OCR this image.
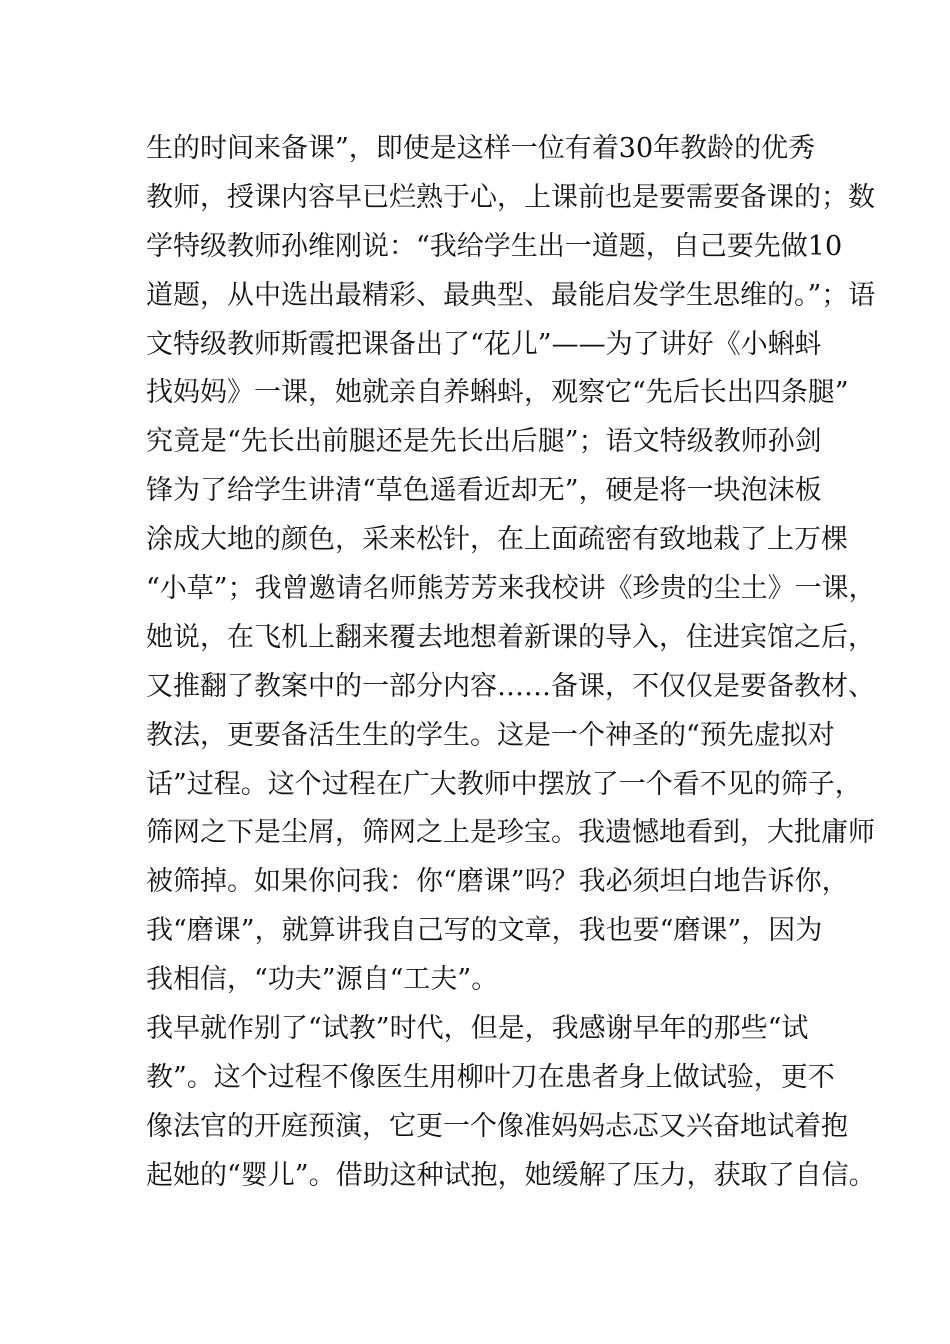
生的时间来备课”，即使是这样一位有着30年教龄的优秀
教师，授课内容早已烂熟于心，上课前也是要需要备课的；数
学特级教师孙维刚说：“我给学生出一道题，自己要先做10
道题，从中选出最精彩、最典型、最能启发学生思维的。”；语
文特级教师斯霞把课备出了“花儿”——为了讲好《小蝌蚪
找妈妈》一课，她就亲自养蝌蚪，观察它“先后长出四条腿”
究竟是“先长出前腿还是先长出后腿”；语文特级教师孙剑
锋为了给学生讲清“草色遥看近却无”，硬是将一块泡沫板
涂成大地的颜色，采来松针，在上面疏密有致地栽了上万棵
“小草”；我曾邀请名师熊芳芳来我校讲《珍贵的尘土》一课，
她说，在飞机上翻来覆去地想着新课的导入，住进宾馆之后，
又推翻了教案中的一部分内容……备课，不仅仅是要备教材、
教法，更要备活生生的学生。这是一个神圣的“预先虚拟对
话”过程。这个过程在广大教师中摆放了一个看不见的筛子，
筛网之下是尘屑，筛网之上是珍宝。我遗憾地看到，大批庸师
被筛掉。如果你问我：你“磨课”吗？我必须坦白地告诉你，
我“磨课”，就算讲我自己写的文章，我也要“磨课”，因为
我相信，“功夫”源自“工夫”。
我早就作别了“试教”时代，但是，我感谢早年的那些“试
教”。这个过程不像医生用柳叶刀在患者身上做试验，更不
像法官的开庭预演，它更一个像准妈妈忐忑又兴奋地试着抱
起她的“婴儿”。借助这种试抱，她缓解了压力，获取了自信。
